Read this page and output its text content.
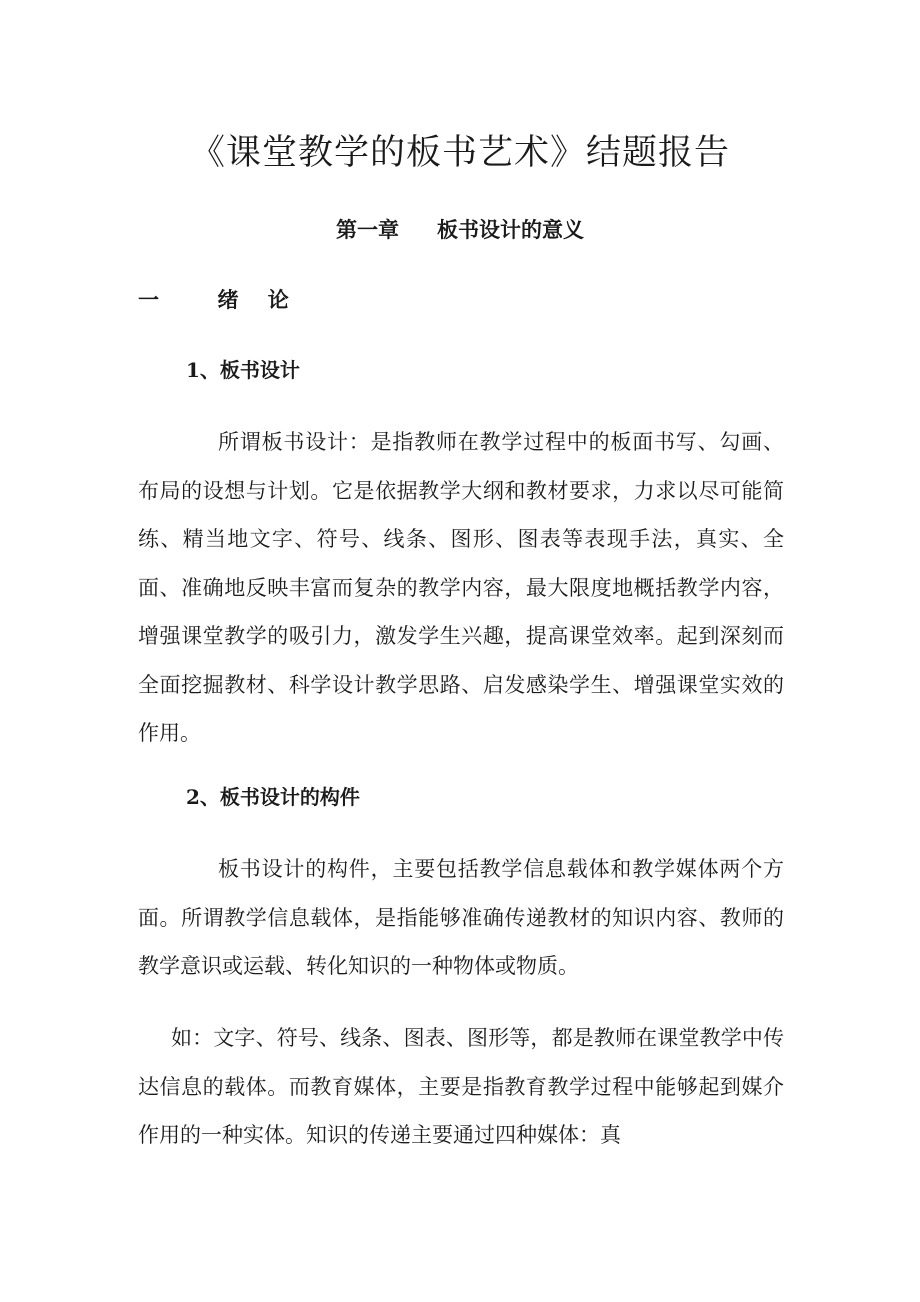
《课堂教学的板书艺术》结题报告
第一章 板书设计的意义
一	绪    论
1、板书设计

所谓板书设计：是指教师在教学过程中的板面书写、勾画、布局的设想与计划。它是依据教学大纲和教材要求，力求以尽可能简练、精当地文字、符号、线条、图形、图表等表现手法，真实、全面、准确地反映丰富而复杂的教学内容，最大限度地概括教学内容，增强课堂教学的吸引力，激发学生兴趣，提高课堂效率。起到深刻而全面挖掘教材、科学设计教学思路、启发感染学生、增强课堂实效的作用。

2、板书设计的构件

板书设计的构件，主要包括教学信息载体和教学媒体两个方面。所谓教学信息载体，是指能够准确传递教材的知识内容、教师的教学意识或运载、转化知识的一种物体或物质。

如：文字、符号、线条、图表、图形等，都是教师在课堂教学中传达信息的载体。而教育媒体，主要是指教育教学过程中能够起到媒介作用的一种实体。知识的传递主要通过四种媒体：真
